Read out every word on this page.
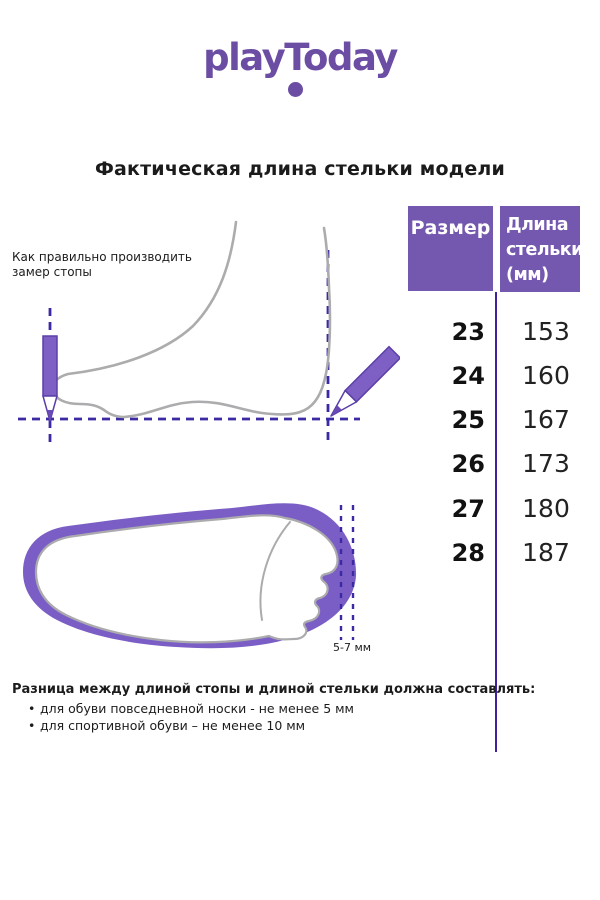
playToday
Фактическая длина стельки модели
Как правильно производить
замер стопы
Размер Длина
стельки
(мм)
23	153
24	160
25	167
26	173
27	180
28	187
5-7 мм

Разница между длиной стопы и длиной стельки должна составлять:

• для обуви повседневной носки - не менее 5 мм
• для спортивной обуви – не менее 10 мм
